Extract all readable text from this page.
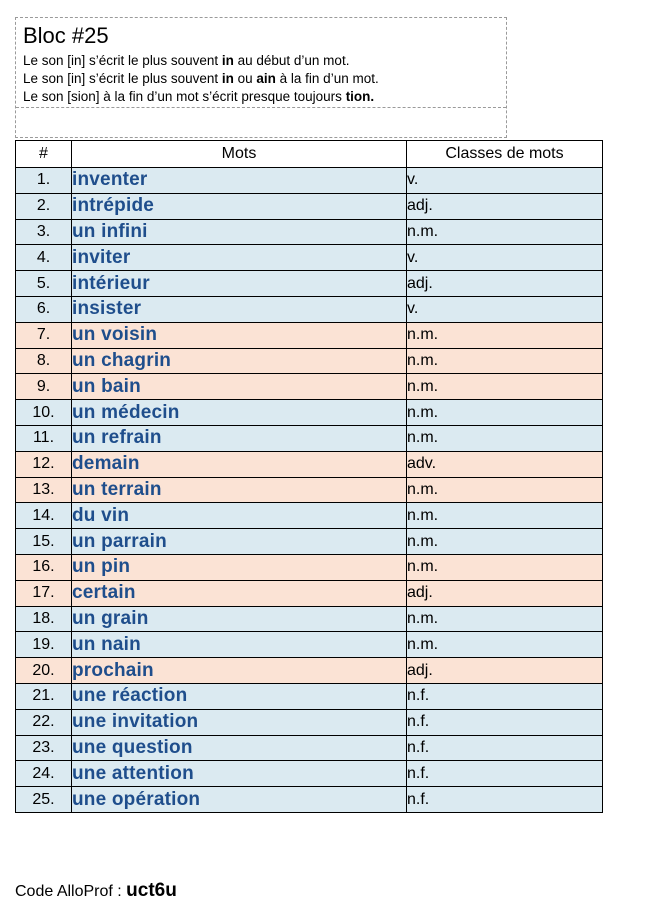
Bloc #25
Le son [in] s’écrit le plus souvent in au début d’un mot.
Le son [in] s’écrit le plus souvent in ou ain à la fin d’un mot.
Le son [sion] à la fin d’un mot s’écrit presque toujours tion.
#	Mots	Classes de mots
1.	inventer	v.
2.	intrépide	adj.
3.	un infini	n.m.
4.	inviter	v.
5.	intérieur	adj.
6.	insister	v.
7.	un voisin	n.m.
8.	un chagrin	n.m.
9.	un bain	n.m.
10.	un médecin	n.m.
11.	un refrain	n.m.
12.	demain	adv.
13.	un terrain	n.m.
14.	du vin	n.m.
15.	un parrain	n.m.
16.	un pin	n.m.
17.	certain	adj.
18.	un grain	n.m.
19.	un nain	n.m.
20.	prochain	adj.
21.	une réaction	n.f.
22.	une invitation	n.f.
23.	une question	n.f.
24.	une attention	n.f.
25.	une opération	n.f.
Code AlloProf : uct6u
